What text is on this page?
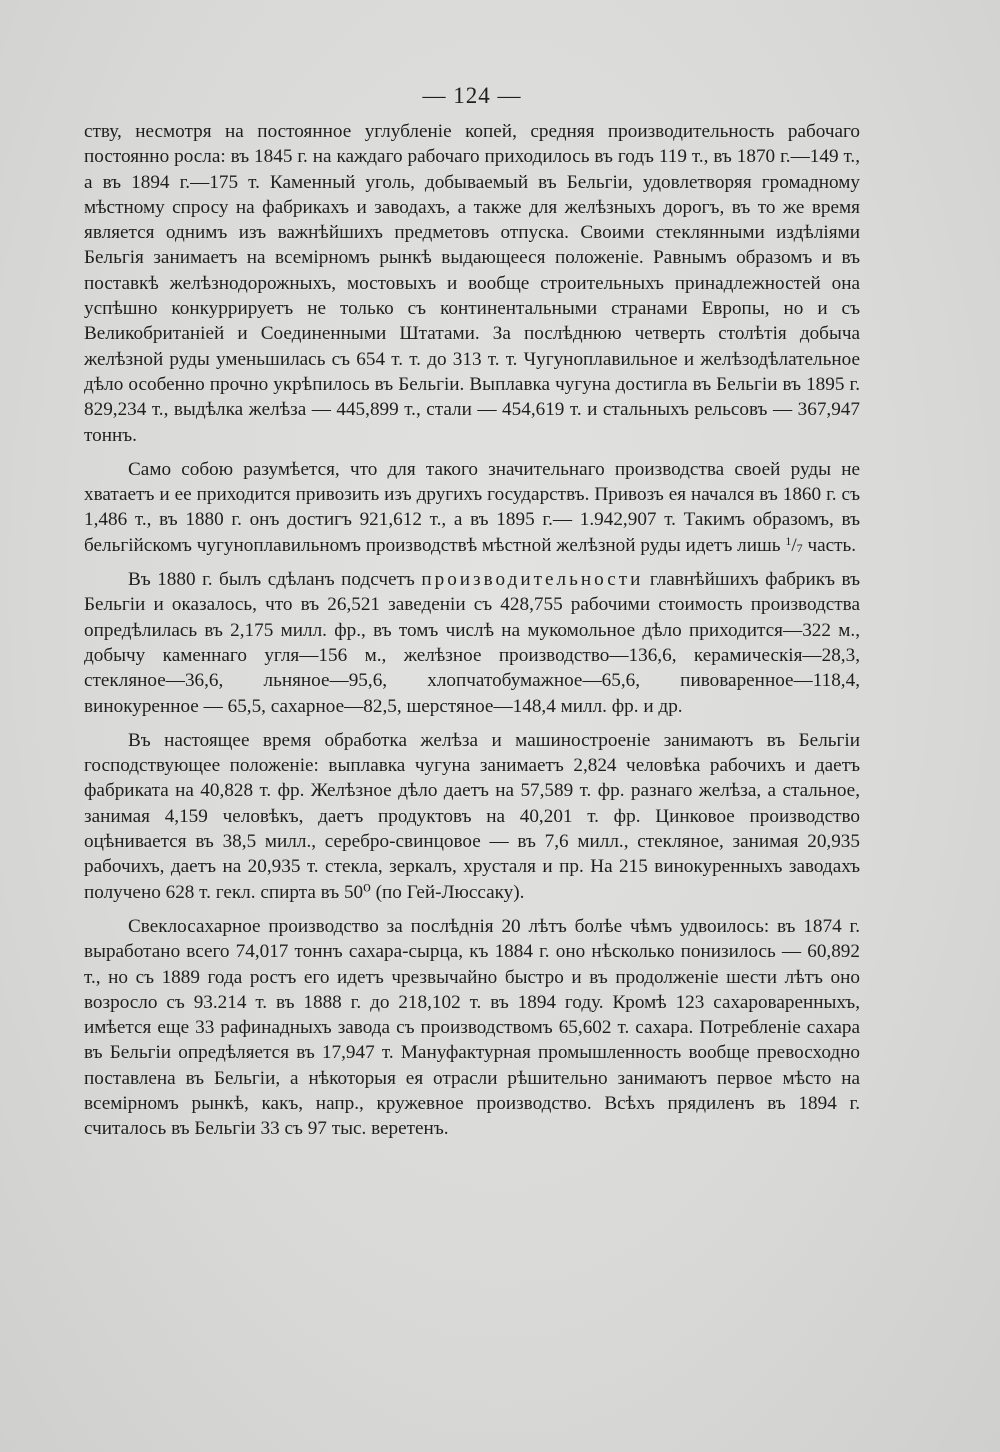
— 124 —

ству, несмотря на постоянное углубленіе копей, средняя производительность рабочаго постоянно росла: въ 1845 г. на каждаго рабочаго приходилось въ годъ 119 т., въ 1870 г.—149 т., а въ 1894 г.—175 т. Каменный уголь, добываемый въ Бельгіи, удовлетворяя громадному мѣстному спросу на фабрикахъ и заводахъ, а также для желѣзныхъ дорогъ, въ то же время является однимъ изъ важнѣйшихъ предметовъ отпуска. Своими стеклянными издѣліями Бельгія занимаетъ на всемірномъ рынкѣ выдающееся положеніе. Равнымъ образомъ и въ поставкѣ желѣзнодорожныхъ, мостовыхъ и вообще строительныхъ принадлежностей она успѣшно конкуррируетъ не только съ континентальными странами Европы, но и съ Великобританіей и Соединенными Штатами. За послѣднюю четверть столѣтія добыча желѣзной руды уменьшилась съ 654 т. т. до 313 т. т. Чугуноплавильное и желѣзодѣлательное дѣло особенно прочно укрѣпилось въ Бельгіи. Выплавка чугуна достигла въ Бельгіи въ 1895 г. 829,234 т., выдѣлка желѣза — 445,899 т., стали — 454,619 т. и стальныхъ рельсовъ — 367,947 тоннъ.

Само собою разумѣется, что для такого значительнаго производства своей руды не хватаетъ и ее приходится привозить изъ другихъ государствъ. Привозъ ея начался въ 1860 г. съ 1,486 т., въ 1880 г. онъ достигъ 921,612 т., а въ 1895 г.— 1.942,907 т. Такимъ образомъ, въ бельгійскомъ чугуноплавильномъ производствѣ мѣстной желѣзной руды идетъ лишь $^1/_7$ часть.

Въ 1880 г. былъ сдѣланъ подсчетъ производительности главнѣйшихъ фабрикъ въ Бельгіи и оказалось, что въ 26,521 заведеніи съ 428,755 рабочими стоимость производства опредѣлилась въ 2,175 милл. фр., въ томъ числѣ на мукомольное дѣло приходится—322 м., добычу каменнаго угля—156 м., желѣзное производство—136,6, керамическія—28,3, стекляное—36,6, льняное—95,6, хлопчатобумажное—65,6, пивоваренное—118,4, винокуренное — 65,5, сахарное—82,5, шерстяное—148,4 милл. фр. и др.

Въ настоящее время обработка желѣза и машиностроеніе занимаютъ въ Бельгіи господствующее положеніе: выплавка чугуна занимаетъ 2,824 человѣка рабочихъ и даетъ фабриката на 40,828 т. фр. Желѣзное дѣло даетъ на 57,589 т. фр. разнаго желѣза, а стальное, занимая 4,159 человѣкъ, даетъ продуктовъ на 40,201 т. фр. Цинковое производство оцѣнивается въ 38,5 милл., серебро-свинцовое — въ 7,6 милл., стекляное, занимая 20,935 рабочихъ, даетъ на 20,935 т. стекла, зеркалъ, хрусталя и пр. На 215 винокуренныхъ заводахъ получено 628 т. гекл. спирта въ 50⁰ (по Гей-Люссаку).

Свеклосахарное производство за послѣднія 20 лѣтъ болѣе чѣмъ удвоилось: въ 1874 г. выработано всего 74,017 тоннъ сахара-сырца, къ 1884 г. оно нѣсколько понизилось — 60,892 т., но съ 1889 года ростъ его идетъ чрезвычайно быстро и въ продолженіе шести лѣтъ оно возросло съ 93.214 т. въ 1888 г. до 218,102 т. въ 1894 году. Кромѣ 123 сахароваренныхъ, имѣется еще 33 рафинадныхъ завода съ производствомъ 65,602 т. сахара. Потребленіе сахара въ Бельгіи опредѣляется въ 17,947 т. Мануфактурная промышленность вообще превосходно поставлена въ Бельгіи, а нѣкоторыя ея отрасли рѣшительно занимаютъ первое мѣсто на всемірномъ рынкѣ, какъ, напр., кружевное производство. Всѣхъ прядиленъ въ 1894 г. считалось въ Бельгіи 33 съ 97 тыс. веретенъ.
